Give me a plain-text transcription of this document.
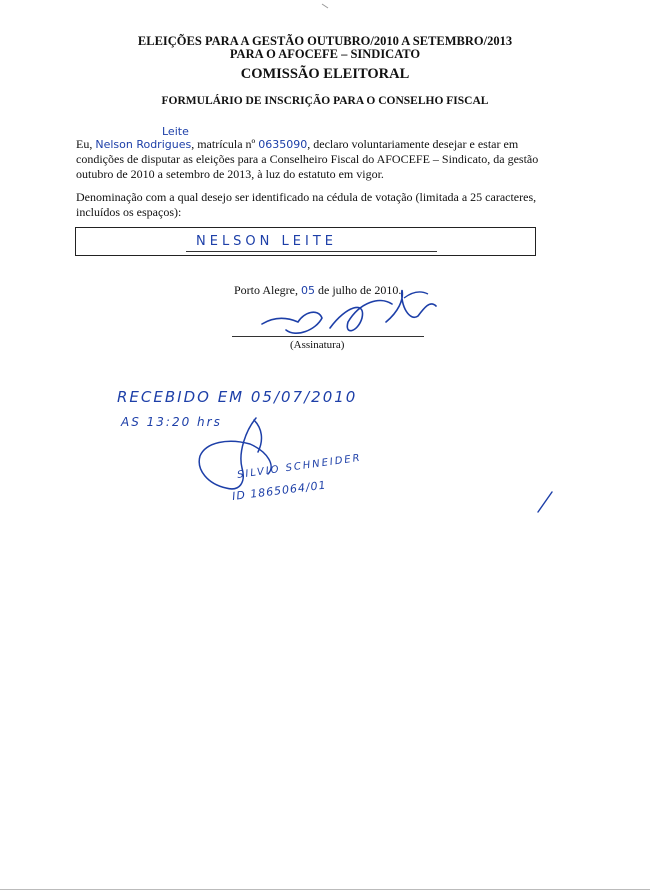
ELEIÇÕES PARA A GESTÃO OUTUBRO/2010 A SETEMBRO/2013
PARA O AFOCEFE – SINDICATO
COMISSÃO ELEITORAL
FORMULÁRIO DE INSCRIÇÃO PARA O CONSELHO FISCAL
Eu, Nelson Rodrigues, matrícula nº 0635090, declaro voluntariamente desejar e estar em condições de disputar as eleições para a Conselheiro Fiscal do AFOCEFE – Sindicato, da gestão outubro de 2010 a setembro de 2013, à luz do estatuto em vigor.
Leite
Denominação com a qual desejo ser identificado na cédula de votação (limitada a 25 caracteres, incluídos os espaços):
NELSON LEITE
Porto Alegre, 05 de julho de 2010.
(Assinatura)
RECEBIDO EM 05/07/2010
AS 13:20 hrs
SILVIO SCHNEIDER
ID 1865064/01
